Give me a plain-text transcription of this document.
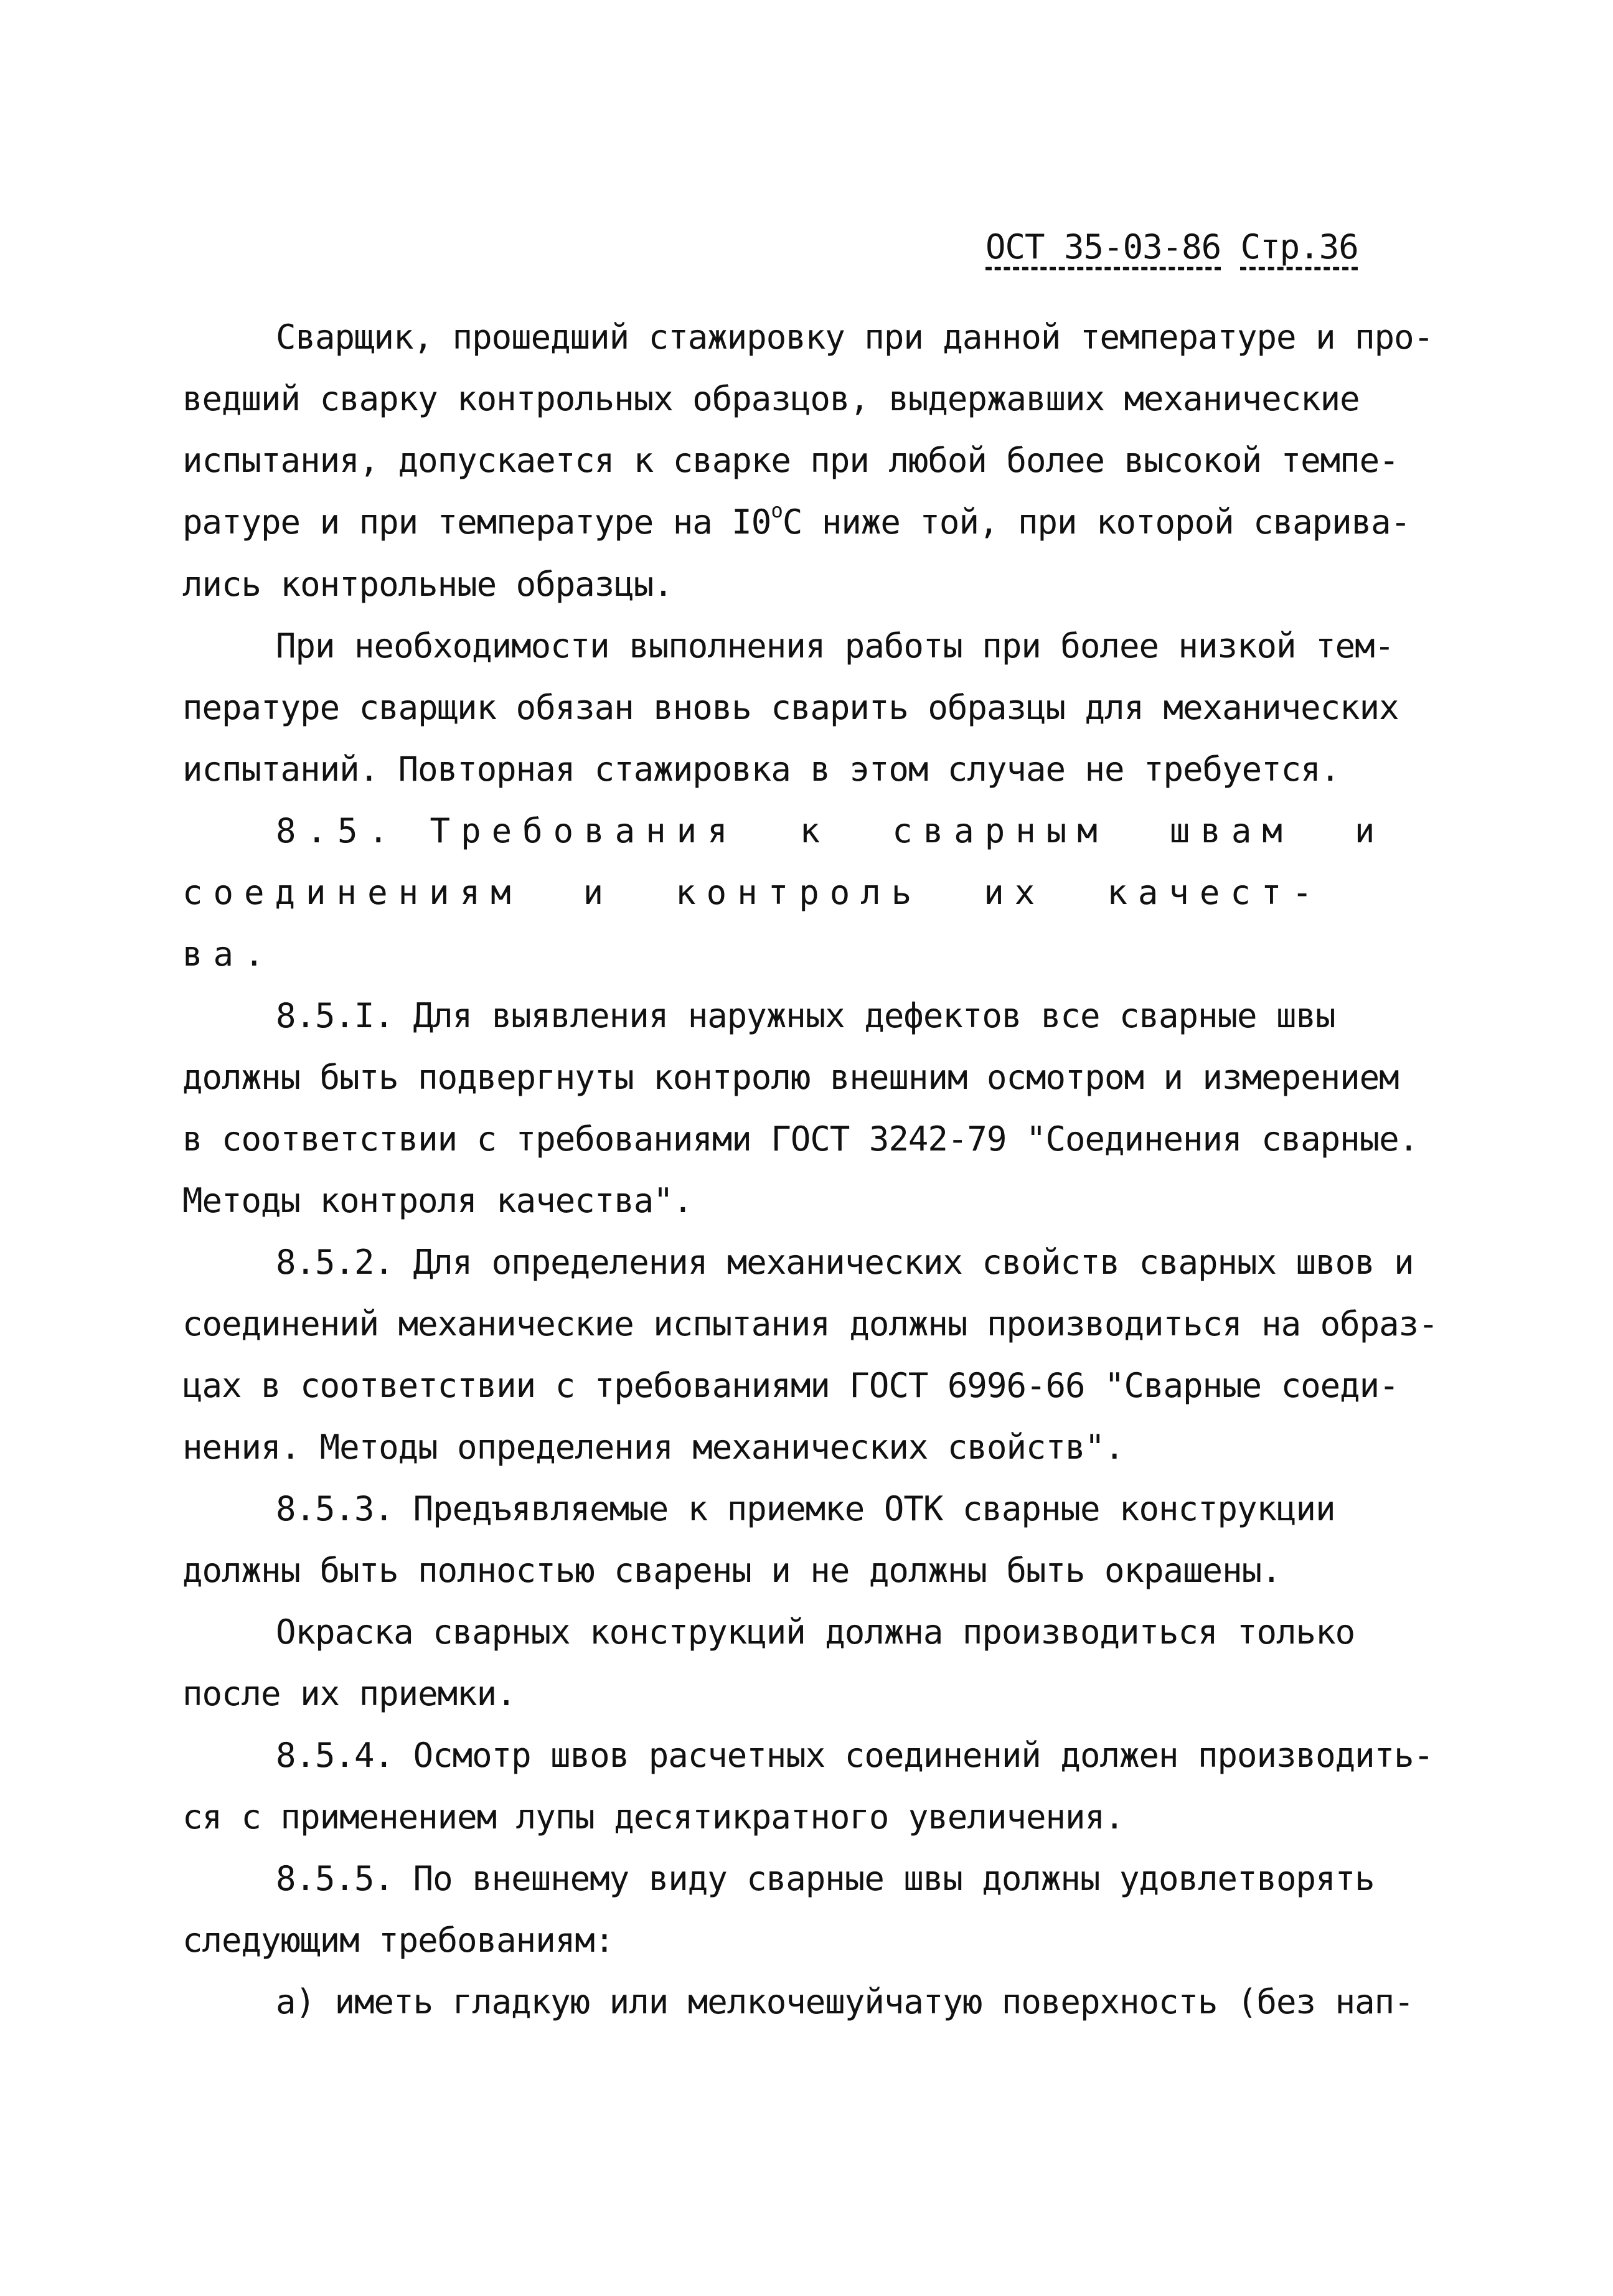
ОСТ 35-03-86 Стр.36
Сварщик, прошедший стажировку при данной температуре и про-
ведший сварку контрольных образцов, выдержавших механические
испытания, допускается к сварке при любой более высокой темпе-
ратуре и при температуре на I0$^o$C ниже той, при которой сварива-
лись контрольные образцы.
При необходимости выполнения работы при более низкой тем-
пературе сварщик обязан вновь сварить образцы для механических
испытаний. Повторная стажировка в этом случае не требуется.
8.5. Требования  к  сварным  швам  и
соединениям  и  контроль  их  качест-
ва.
8.5.I. Для выявления наружных дефектов все сварные швы
должны быть подвергнуты контролю внешним осмотром и измерением
в соответствии с требованиями ГОСТ 3242-79 "Соединения сварные.
Методы контроля качества".
8.5.2. Для определения механических свойств сварных швов и
соединений механические испытания должны производиться на образ-
цах в соответствии с требованиями ГОСТ 6996-66 "Сварные соеди-
нения. Методы определения механических свойств".
8.5.3. Предъявляемые к приемке ОТК сварные конструкции
должны быть полностью сварены и не должны быть окрашены.
Окраска сварных конструкций должна производиться только
после их приемки.
8.5.4. Осмотр швов расчетных соединений должен производить-
ся с применением лупы десятикратного увеличения.
8.5.5. По внешнему виду сварные швы должны удовлетворять
следующим требованиям:
а) иметь гладкую или мелкочешуйчатую поверхность (без нап-
